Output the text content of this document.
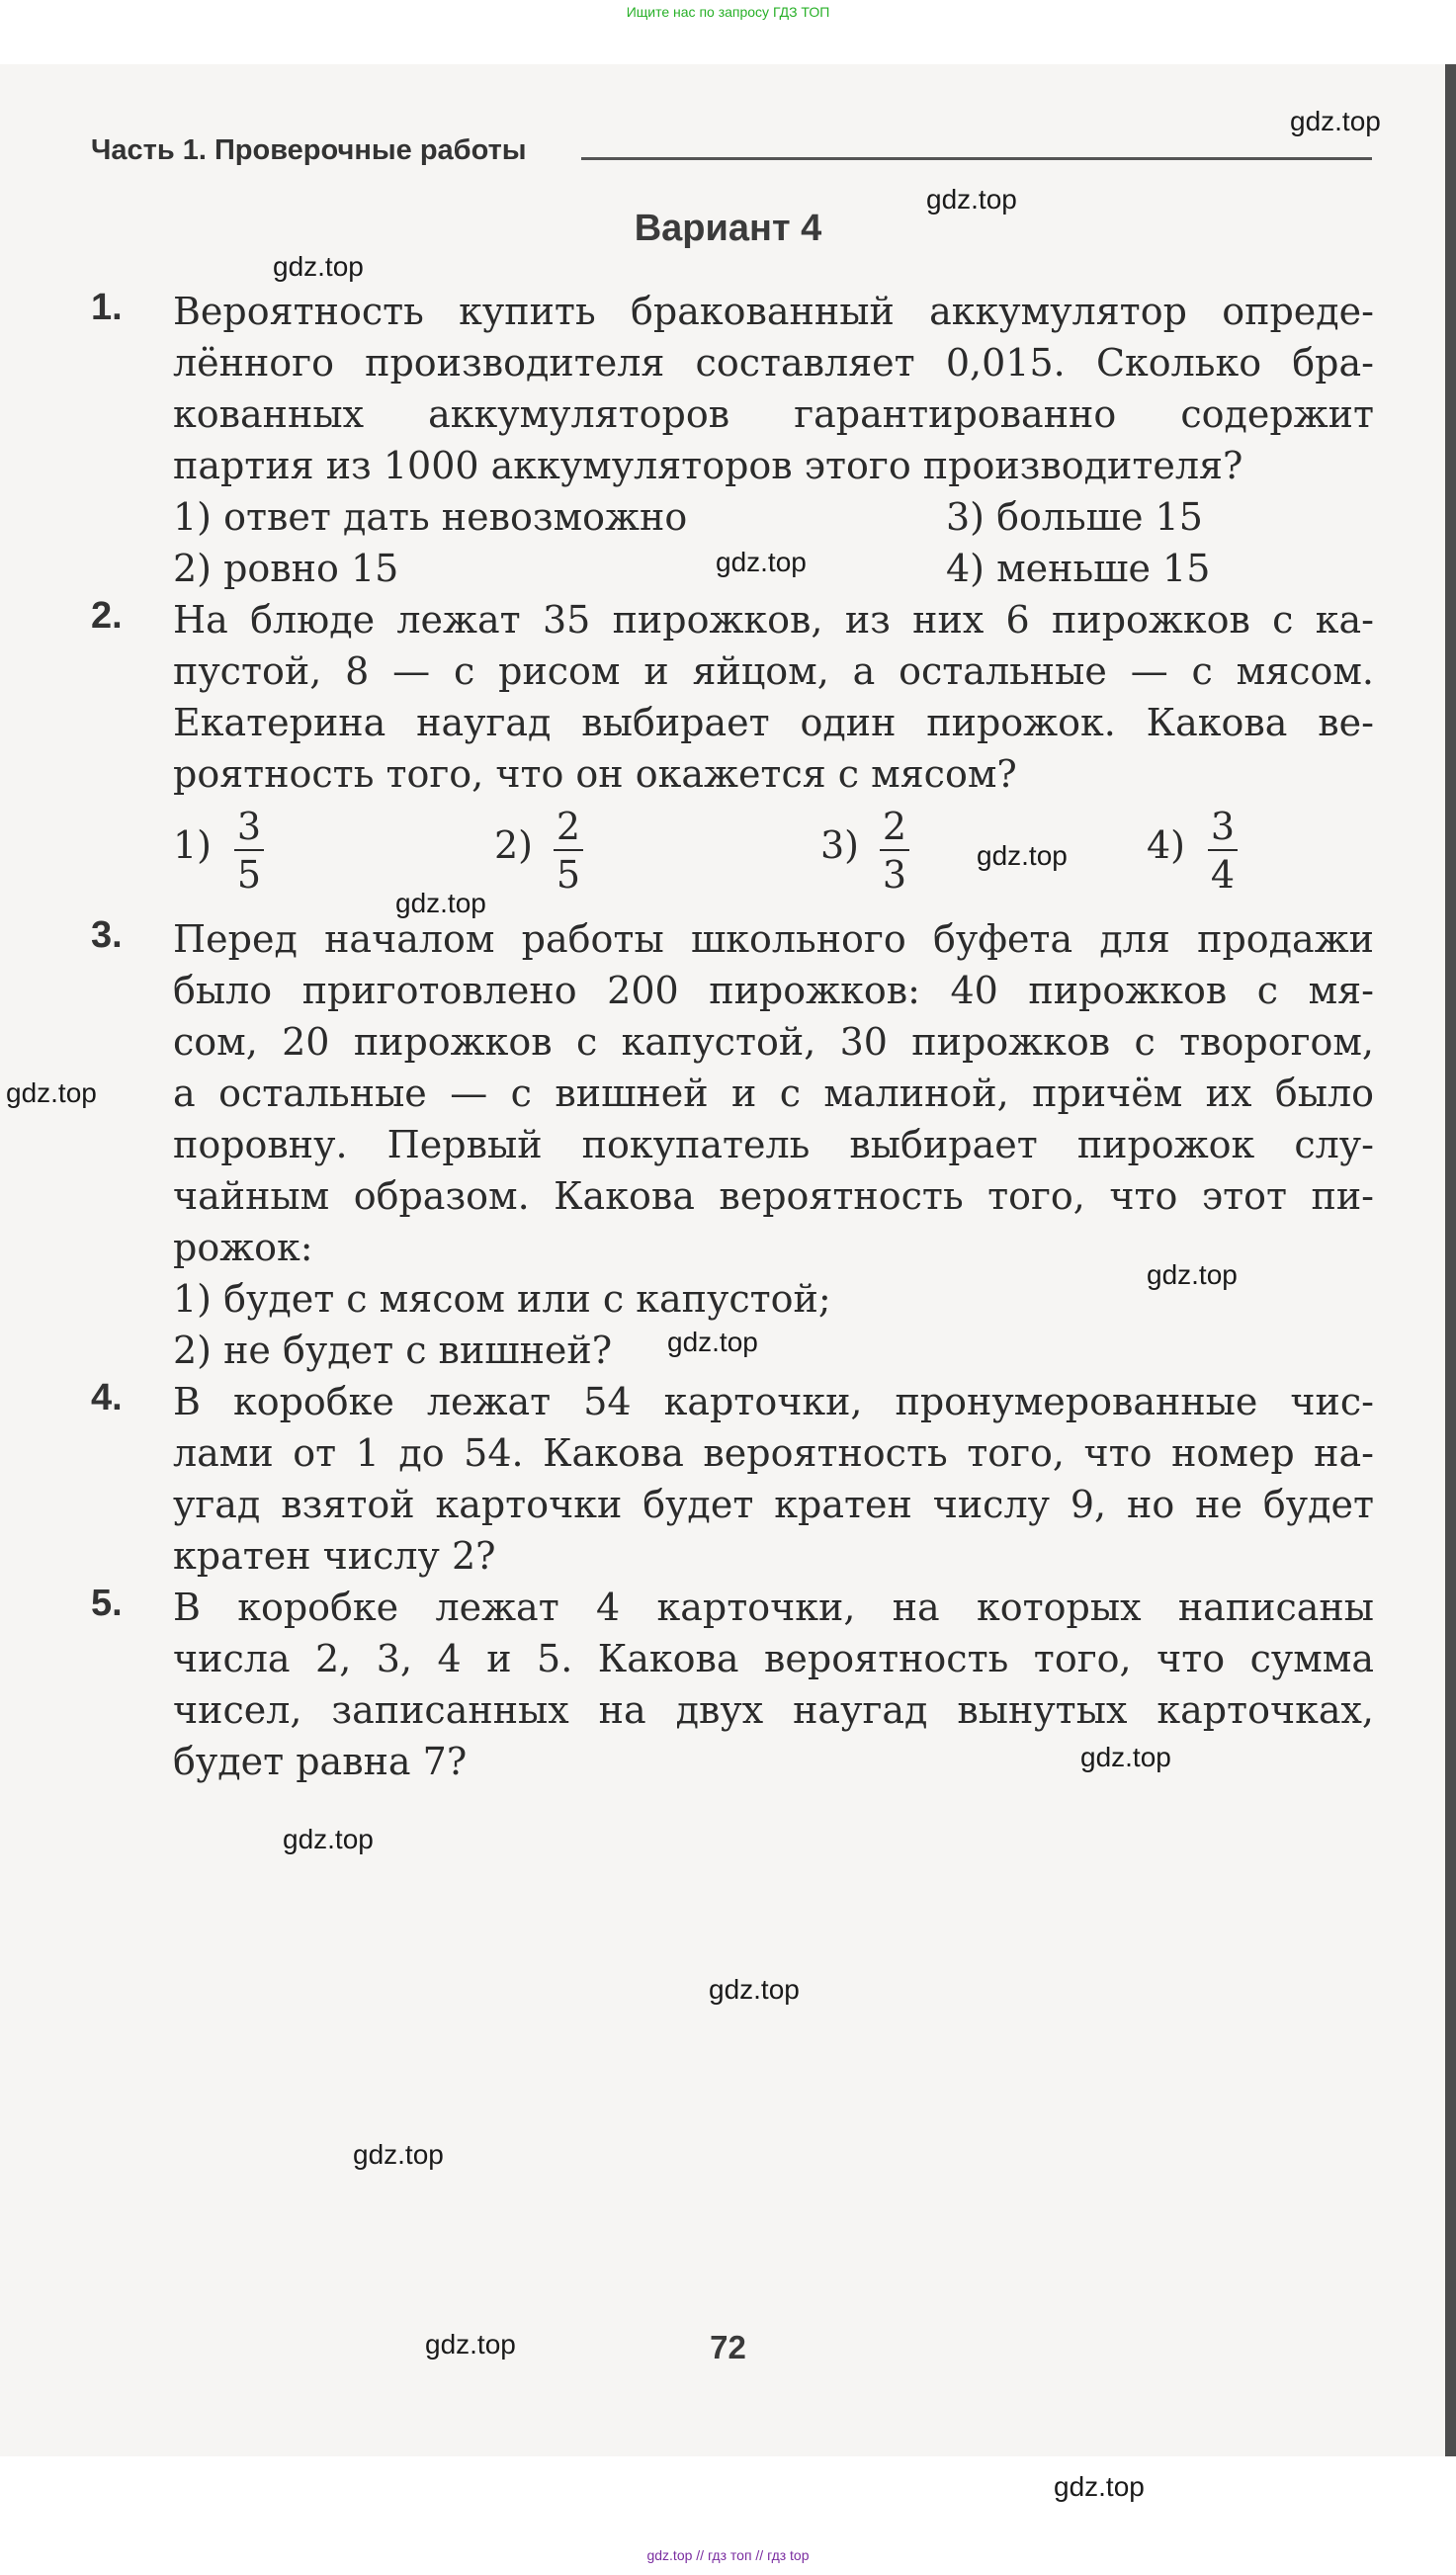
Ищите нас по запросу ГДЗ ТОП
Часть 1. Проверочные работы
Вариант 4
1. Вероятность купить бракованный аккумулятор опреде-
лённого производителя составляет 0,015. Сколько бра-
кованных аккумуляторов гарантированно содержит
партия из 1000 аккумуляторов этого производителя?
1) ответ дать невозможно	3) больше 15
2) ровно 15	4) меньше 15
2. На блюде лежат 35 пирожков, из них 6 пирожков с ка-
пустой, 8 — с рисом и яйцом, а остальные — с мясом.
Екатерина наугад выбирает один пирожок. Какова ве-
роятность того, что он окажется с мясом?
1) 3
5
2) 2
5
3) 2
3
4) 3
4
3. Перед началом работы школьного буфета для продажи
было приготовлено 200 пирожков: 40 пирожков с мя-
сом, 20 пирожков с капустой, 30 пирожков с творогом,
а остальные — с вишней и с малиной, причём их было
поровну. Первый покупатель выбирает пирожок слу-
чайным образом. Какова вероятность того, что этот пи-
рожок:
1) будет с мясом или с капустой;
2) не будет с вишней?
4. В коробке лежат 54 карточки, пронумерованные чис-
лами от 1 до 54. Какова вероятность того, что номер на-
угад взятой карточки будет кратен числу 9, но не будет
кратен числу 2?
5. В коробке лежат 4 карточки, на которых написаны
числа 2, 3, 4 и 5. Какова вероятность того, что сумма
чисел, записанных на двух наугад вынутых карточках,
будет равна 7?
gdz.top
gdz.top
gdz.top
gdz.top
gdz.top
gdz.top
gdz.top
gdz.top
gdz.top
gdz.top
gdz.top
gdz.top
gdz.top
gdz.top
gdz.top
72
gdz.top // гдз топ // гдз top
